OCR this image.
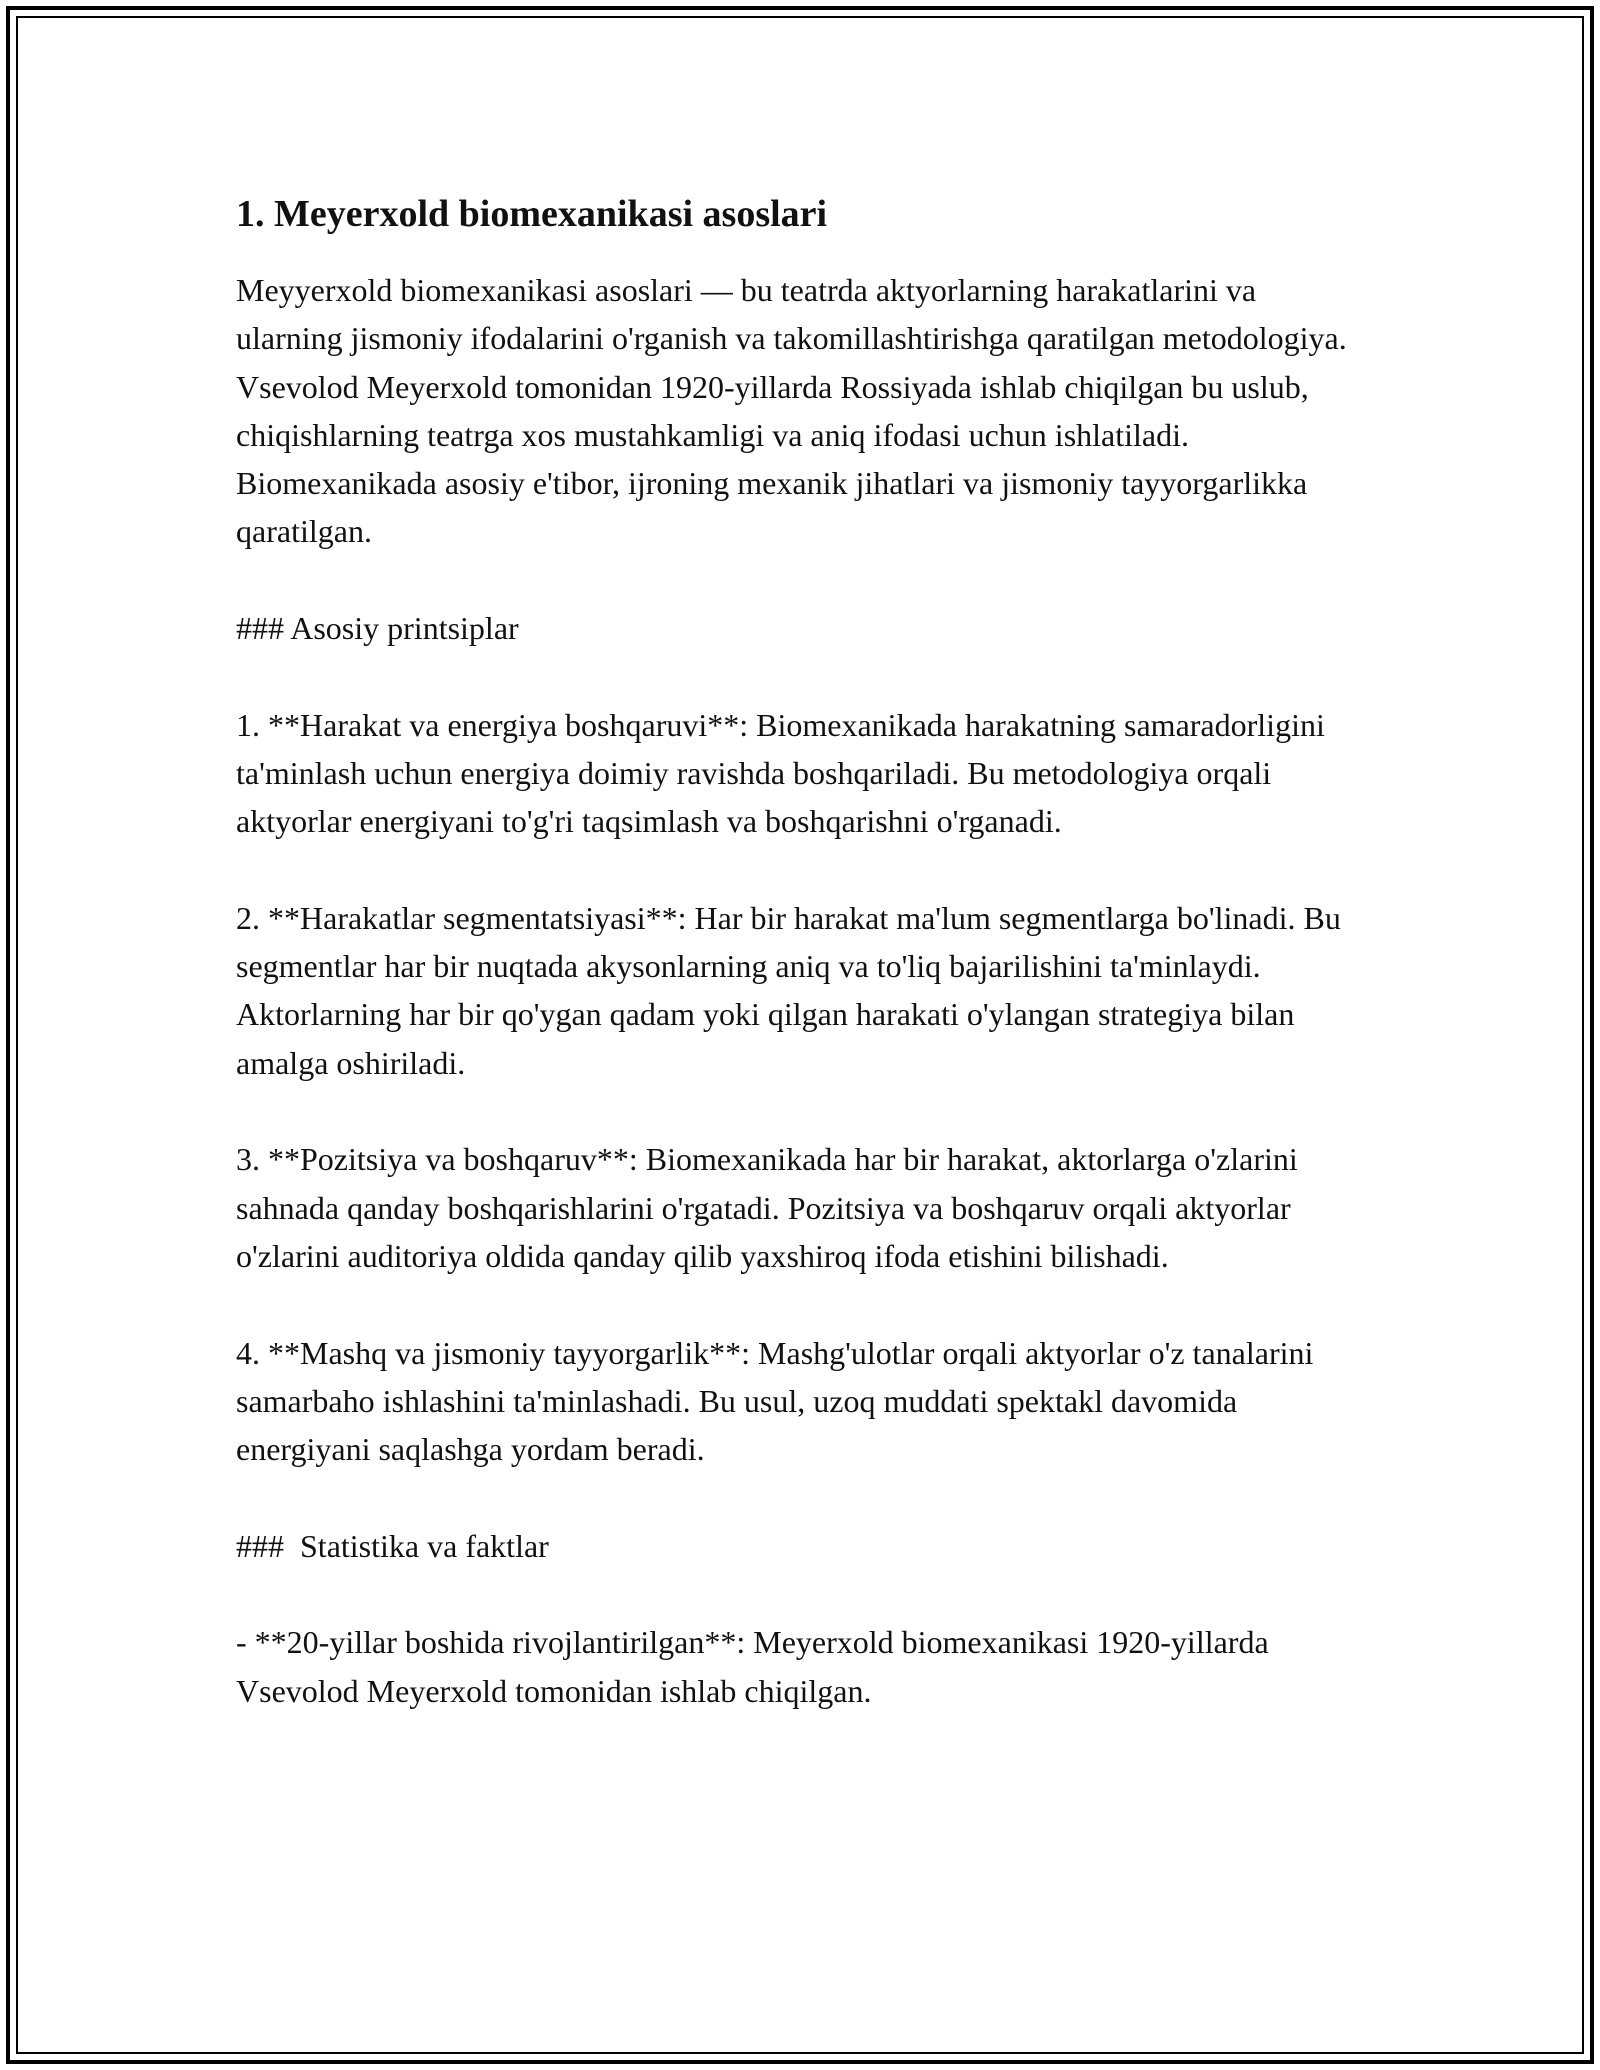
1. Meyerxold biomexanikasi asoslari

Meyyerxold biomexanikasi asoslari — bu teatrda aktyorlarning harakatlarini va ularning jismoniy ifodalarini o'rganish va takomillashtirishga qaratilgan metodologiya. Vsevolod Meyerxold tomonidan 1920-yillarda Rossiyada ishlab chiqilgan bu uslub, chiqishlarning teatrga xos mustahkamligi va aniq ifodasi uchun ishlatiladi. Biomexanikada asosiy e'tibor, ijroning mexanik jihatlari va jismoniy tayyorgarlikka qaratilgan.

### Asosiy printsiplar

1. **Harakat va energiya boshqaruvi**: Biomexanikada harakatning samaradorligini ta'minlash uchun energiya doimiy ravishda boshqariladi. Bu metodologiya orqali aktyorlar energiyani to'g'ri taqsimlash va boshqarishni o'rganadi.

2. **Harakatlar segmentatsiyasi**: Har bir harakat ma'lum segmentlarga bo'linadi. Bu segmentlar har bir nuqtada akysonlarning aniq va to'liq bajarilishini ta'minlaydi. Aktorlarning har bir qo'ygan qadam yoki qilgan harakati o'ylangan strategiya bilan amalga oshiriladi.

3. **Pozitsiya va boshqaruv**: Biomexanikada har bir harakat, aktorlarga o'zlarini sahnada qanday boshqarishlarini o'rgatadi. Pozitsiya va boshqaruv orqali aktyorlar o'zlarini auditoriya oldida qanday qilib yaxshiroq ifoda etishini bilishadi.

4. **Mashq va jismoniy tayyorgarlik**: Mashg'ulotlar orqali aktyorlar o'z tanalarini samarbaho ishlashini ta'minlashadi. Bu usul, uzoq muddati spektakl davomida energiyani saqlashga yordam beradi.

###  Statistika va faktlar

- **20-yillar boshida rivojlantirilgan**: Meyerxold biomexanikasi 1920-yillarda Vsevolod Meyerxold tomonidan ishlab chiqilgan.
